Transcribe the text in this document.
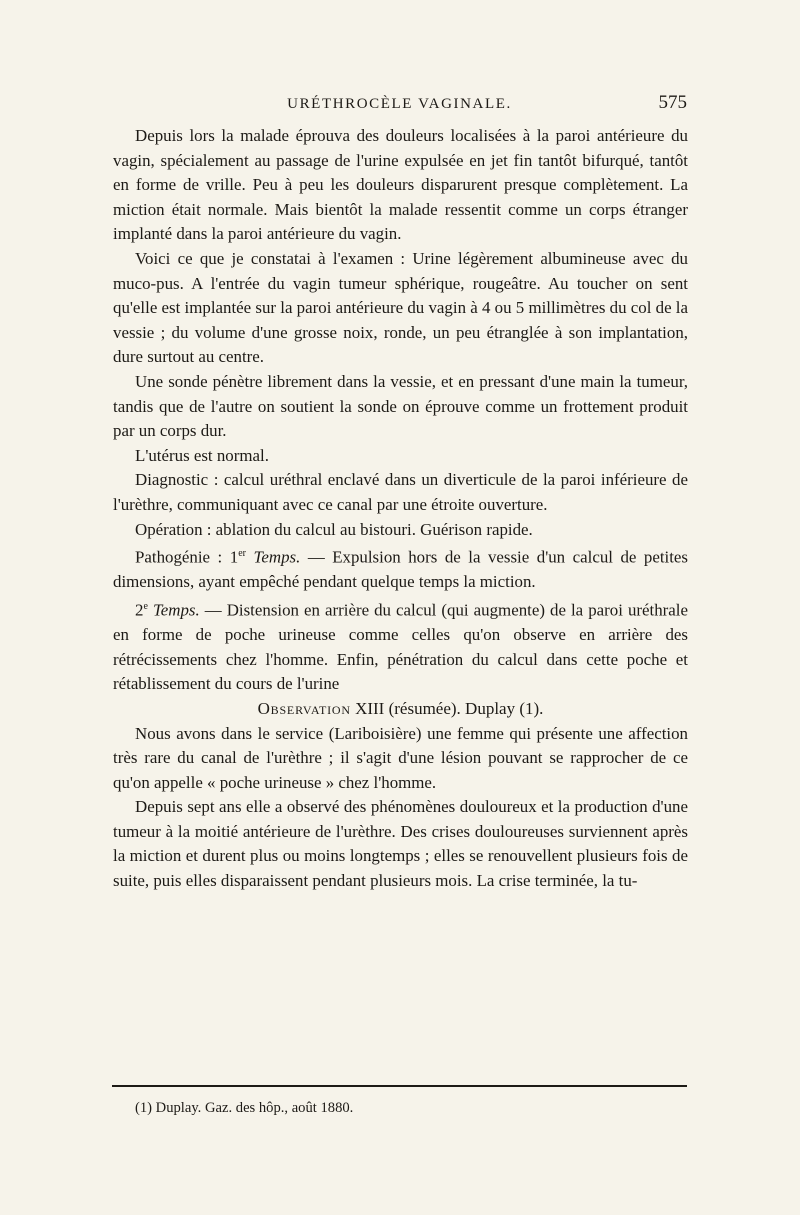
URÉTHROCÈLE VAGINALE.	575

Depuis lors la malade éprouva des douleurs localisées à la paroi antérieure du vagin, spécialement au passage de l'urine expulsée en jet fin tantôt bifurqué, tantôt en forme de vrille. Peu à peu les douleurs disparurent presque complètement. La miction était normale. Mais bientôt la malade ressentit comme un corps étranger implanté dans la paroi antérieure du vagin.

Voici ce que je constatai à l'examen : Urine légèrement albumineuse avec du muco-pus. A l'entrée du vagin tumeur sphérique, rougeâtre. Au toucher on sent qu'elle est implantée sur la paroi antérieure du vagin à 4 ou 5 millimètres du col de la vessie ; du volume d'une grosse noix, ronde, un peu étranglée à son implantation, dure surtout au centre.

Une sonde pénètre librement dans la vessie, et en pressant d'une main la tumeur, tandis que de l'autre on soutient la sonde on éprouve comme un frottement produit par un corps dur.

L'utérus est normal.

Diagnostic : calcul uréthral enclavé dans un diverticule de la paroi inférieure de l'urèthre, communiquant avec ce canal par une étroite ouverture.

Opération : ablation du calcul au bistouri. Guérison rapide.

Pathogénie : 1er Temps. — Expulsion hors de la vessie d'un calcul de petites dimensions, ayant empêché pendant quelque temps la miction.

2e Temps. — Distension en arrière du calcul (qui augmente) de la paroi uréthrale en forme de poche urineuse comme celles qu'on observe en arrière des rétrécissements chez l'homme. Enfin, pénétration du calcul dans cette poche et rétablissement du cours de l'urine

Observation XIII (résumée). Duplay (1).

Nous avons dans le service (Lariboisière) une femme qui présente une affection très rare du canal de l'urèthre ; il s'agit d'une lésion pouvant se rapprocher de ce qu'on appelle « poche urineuse » chez l'homme.

Depuis sept ans elle a observé des phénomènes douloureux et la production d'une tumeur à la moitié antérieure de l'urèthre. Des crises douloureuses surviennent après la miction et durent plus ou moins longtemps ; elles se renouvellent plusieurs fois de suite, puis elles disparaissent pendant plusieurs mois. La crise terminée, la tu-

(1) Duplay. Gaz. des hôp., août 1880.
